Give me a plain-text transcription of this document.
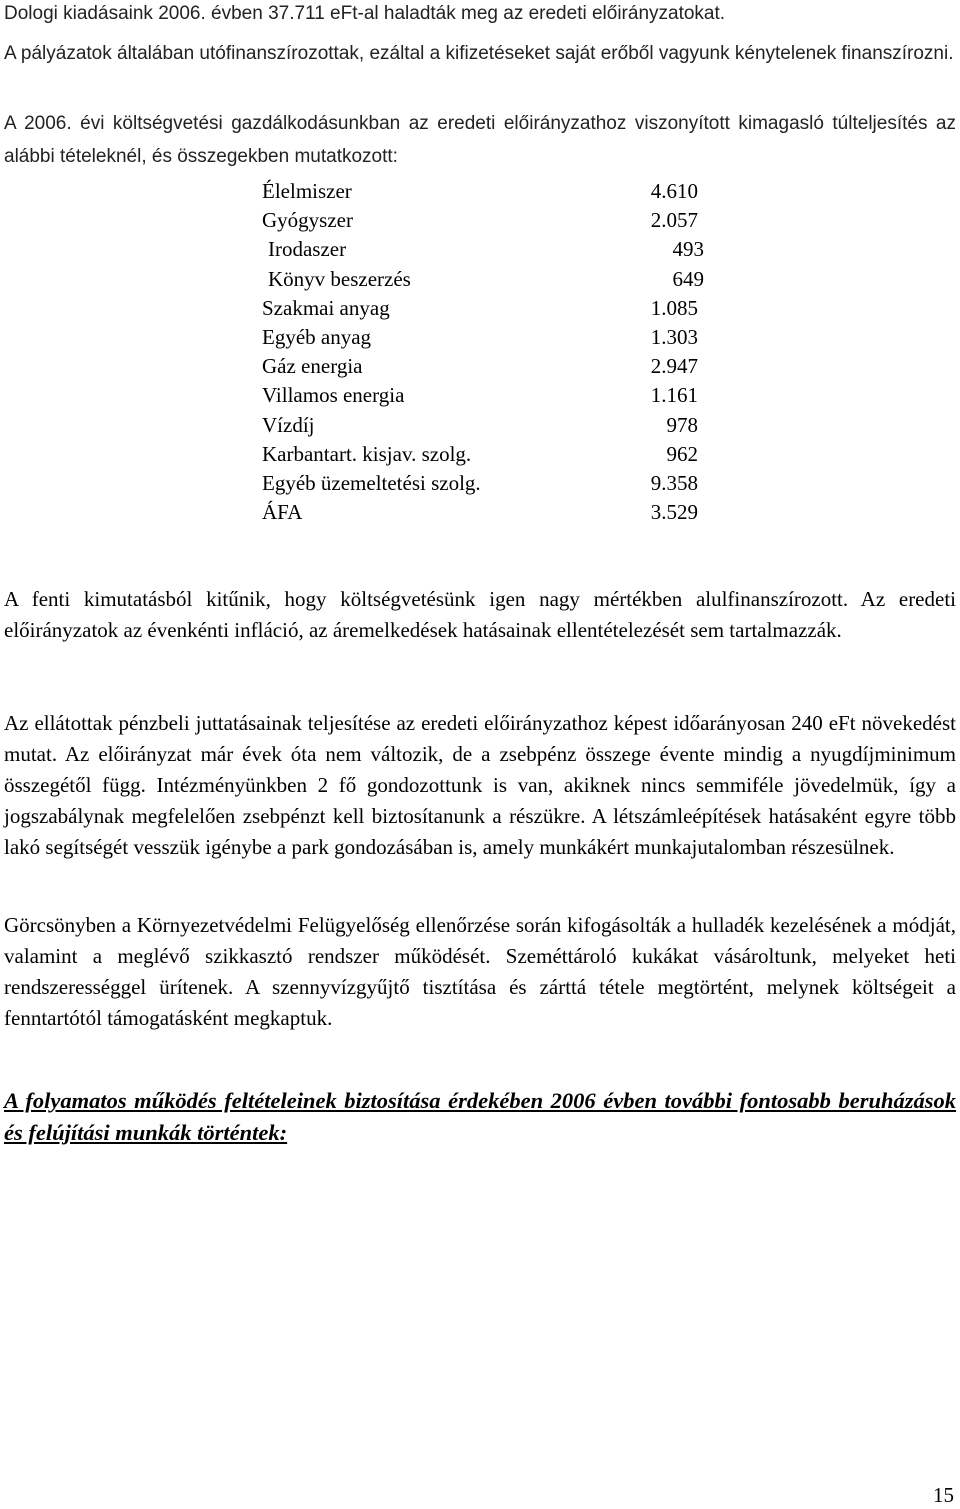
Dologi kiadásaink 2006. évben 37.711 eFt-al haladták meg az eredeti előirányzatokat.

A pályázatok általában utófinanszírozottak, ezáltal a kifizetéseket saját erőből vagyunk kénytelenek finanszírozni.

A 2006. évi költségvetési gazdálkodásunkban az eredeti előirányzathoz viszonyított kimagasló túlteljesítés az alábbi tételeknél, és összegekben mutatkozott:

Élelmiszer	4.610
Gyógyszer	2.057
Irodaszer	493
Könyv beszerzés	649
Szakmai anyag	1.085
Egyéb anyag	1.303
Gáz energia	2.947
Villamos energia	1.161
Vízdíj	978
Karbantart. kisjav. szolg.	962
Egyéb üzemeltetési szolg.	9.358
ÁFA	3.529

A fenti kimutatásból kitűnik, hogy költségvetésünk igen nagy mértékben alulfinanszírozott. Az eredeti előirányzatok az évenkénti infláció, az áremelkedések hatásainak ellentételezését sem tartalmazzák.

Az ellátottak pénzbeli juttatásainak teljesítése az eredeti előirányzathoz képest időarányosan 240 eFt növekedést mutat. Az előirányzat már évek óta nem változik, de a zsebpénz összege évente mindig a nyugdíjminimum összegétől függ. Intézményünkben 2 fő gondozottunk is van, akiknek nincs semmiféle jövedelmük, így a jogszabálynak megfelelően zsebpénzt kell biztosítanunk a részükre. A létszámleépítések hatásaként egyre több lakó segítségét vesszük igénybe a park gondozásában is, amely munkákért munkajutalomban részesülnek.

Görcsönyben a Környezetvédelmi Felügyelőség ellenőrzése során kifogásolták a hulladék kezelésének a módját, valamint a meglévő szikkasztó rendszer működését. Szeméttároló kukákat vásároltunk, melyeket heti rendszerességgel ürítenek. A szennyvízgyűjtő tisztítása és zárttá tétele megtörtént, melynek költségeit a fenntartótól támogatásként megkaptuk.

A folyamatos működés feltételeinek biztosítása érdekében 2006 évben további fontosabb beruházások és felújítási munkák történtek:

15
